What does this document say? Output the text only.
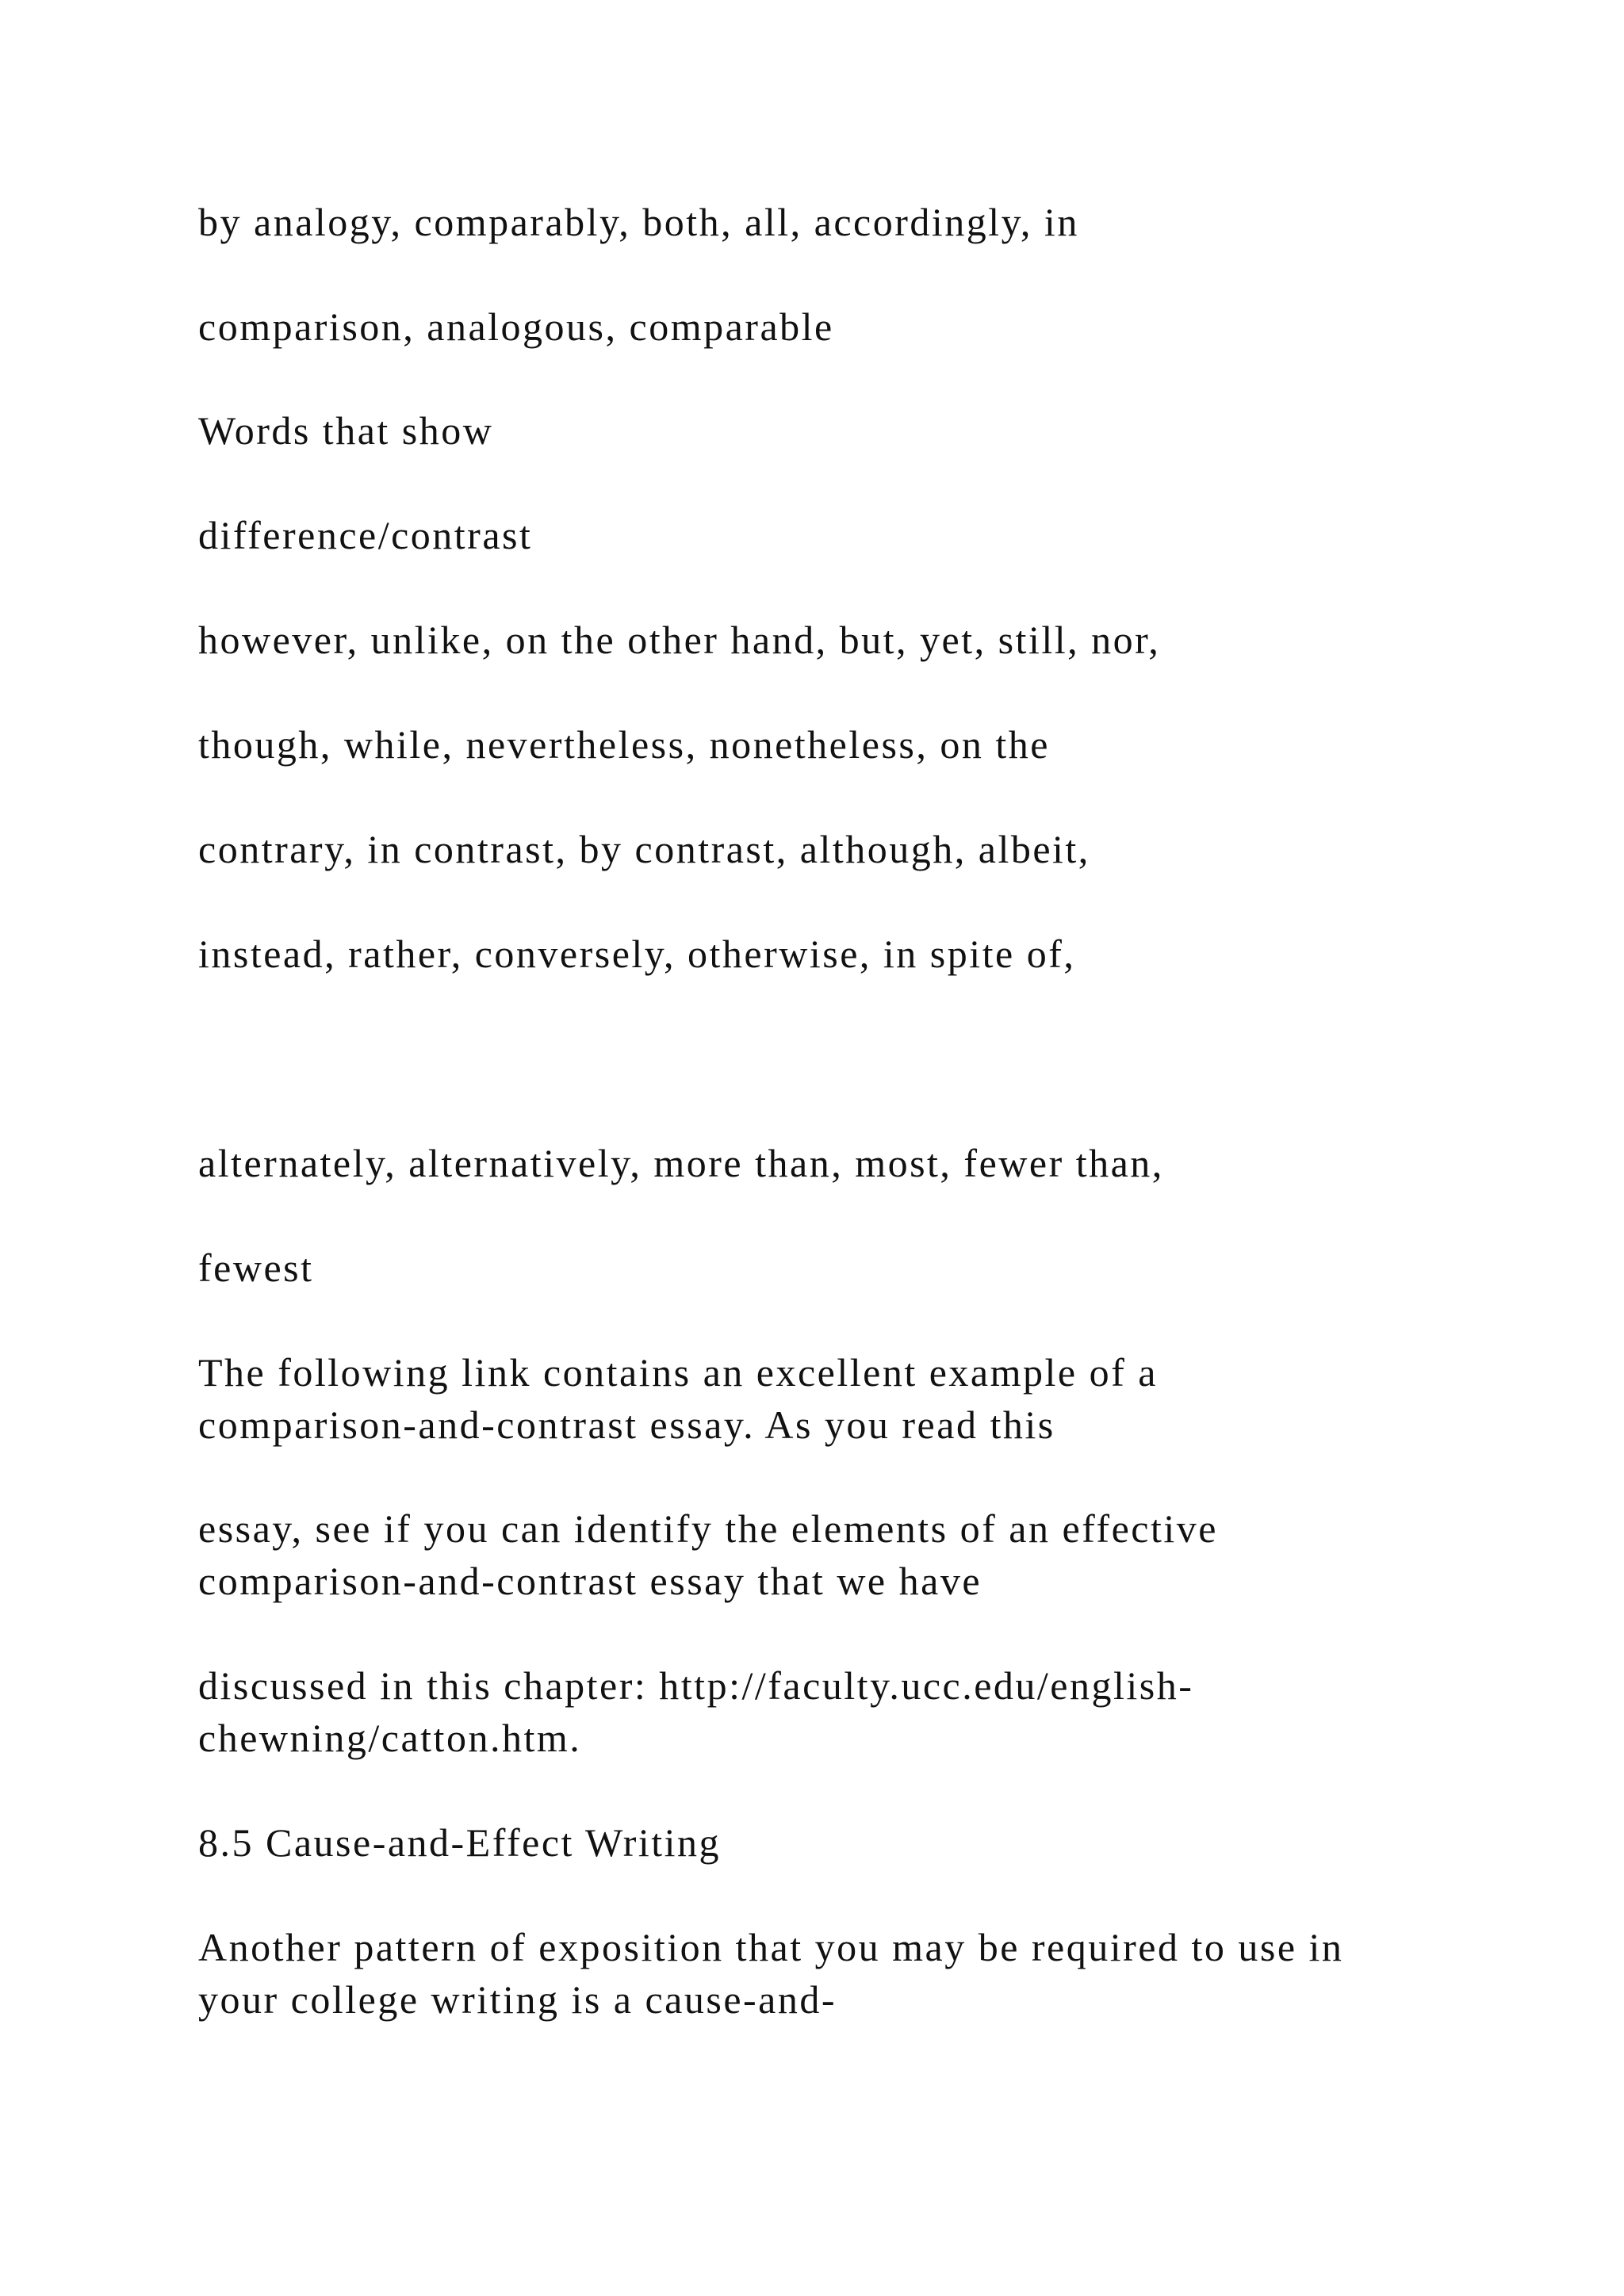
by analogy, comparably, both, all, accordingly, in

comparison, analogous, comparable

Words that show

difference/contrast

however, unlike, on the other hand, but, yet, still, nor,

though, while, nevertheless, nonetheless, on the

contrary, in contrast, by contrast, although, albeit,

instead, rather, conversely, otherwise, in spite of,

alternately, alternatively, more than, most, fewer than,

fewest

The following link contains an excellent example of a

comparison-and-contrast essay. As you read this

essay, see if you can identify the elements of an effective

comparison-and-contrast essay that we have

discussed in this chapter: http://faculty.ucc.edu/english-

chewning/catton.htm.

8.5 Cause-and-Effect Writing

Another pattern of exposition that you may be required to use in

your college writing is a cause-and-
